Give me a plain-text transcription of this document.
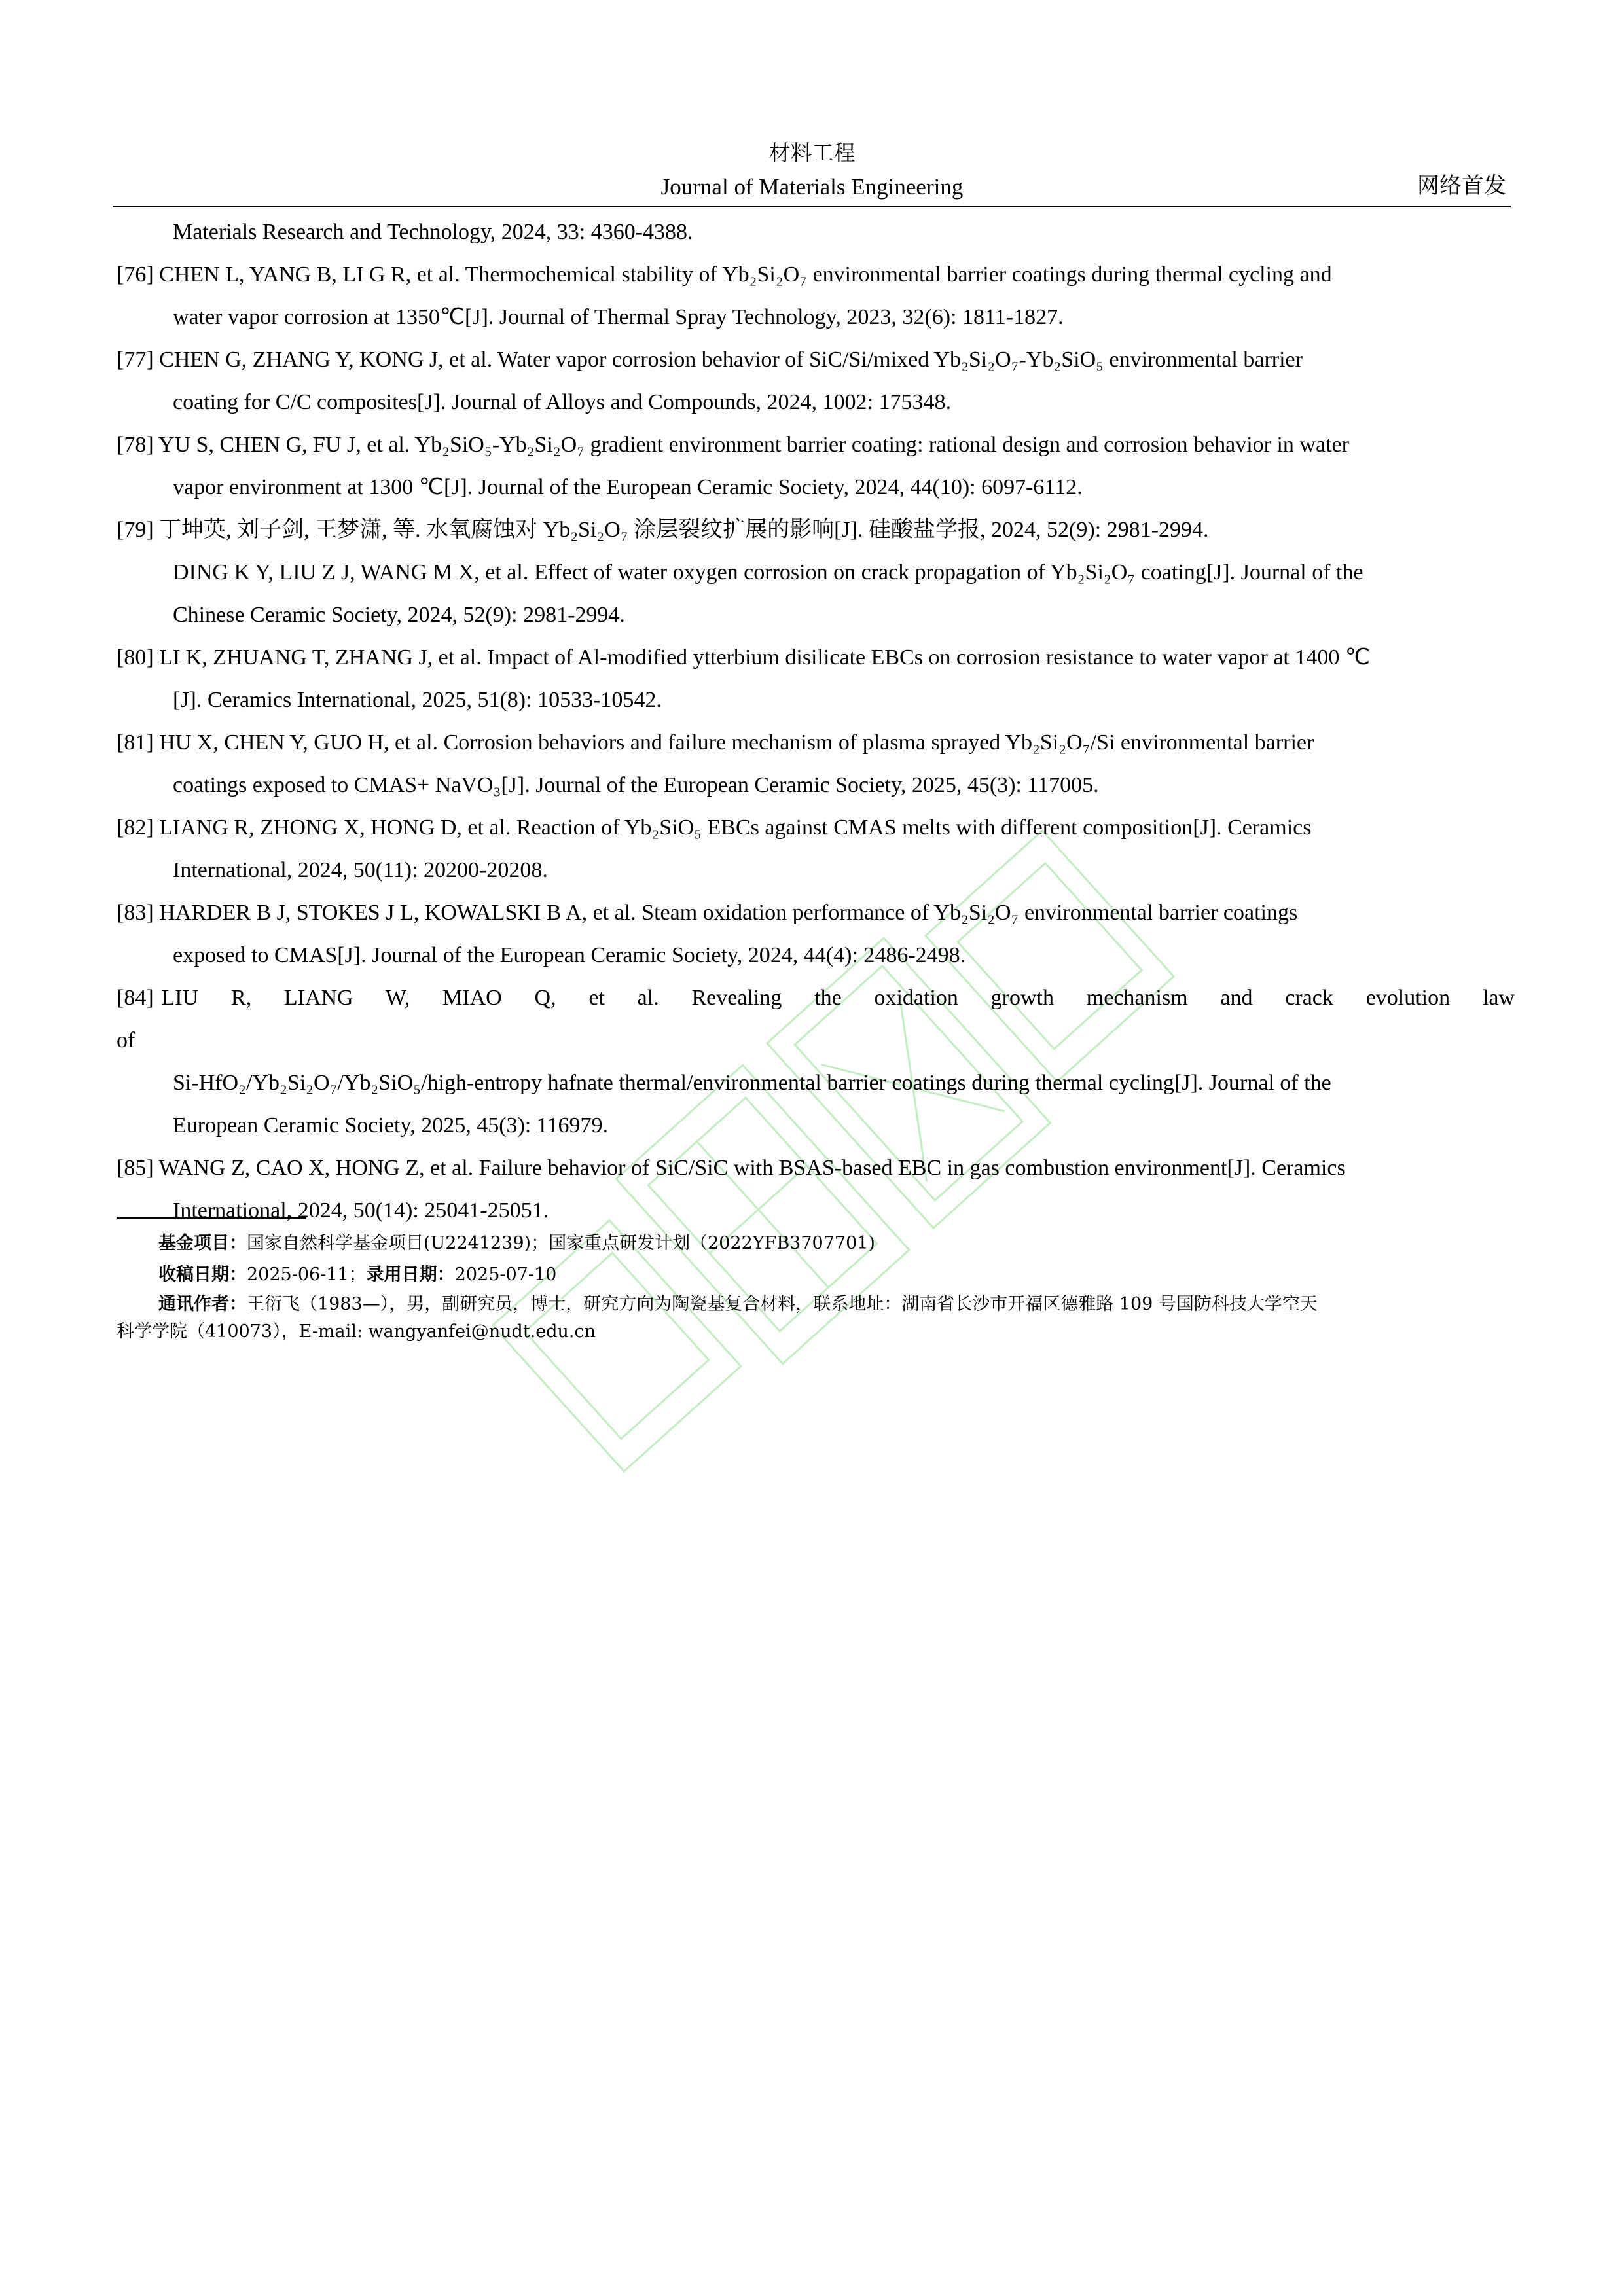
材料工程
Journal of Materials Engineering	网络首发
Materials Research and Technology, 2024, 33: 4360-4388.
[76] CHEN L, YANG B, LI G R, et al. Thermochemical stability of Yb₂Si₂O₇ environmental barrier coatings during thermal cycling and
water vapor corrosion at 1350℃[J]. Journal of Thermal Spray Technology, 2023, 32(6): 1811-1827.
[77] CHEN G, ZHANG Y, KONG J, et al. Water vapor corrosion behavior of SiC/Si/mixed Yb₂Si₂O₇-Yb₂SiO₅ environmental barrier
coating for C/C composites[J]. Journal of Alloys and Compounds, 2024, 1002: 175348.
[78] YU S, CHEN G, FU J, et al. Yb₂SiO₅-Yb₂Si₂O₇ gradient environment barrier coating: rational design and corrosion behavior in water
vapor environment at 1300 ℃[J]. Journal of the European Ceramic Society, 2024, 44(10): 6097-6112.
[79] 丁坤英, 刘子剑, 王梦潇, 等. 水氧腐蚀对 Yb₂Si₂O₇ 涂层裂纹扩展的影响[J]. 硅酸盐学报, 2024, 52(9): 2981-2994.
DING K Y, LIU Z J, WANG M X, et al. Effect of water oxygen corrosion on crack propagation of Yb₂Si₂O₇ coating[J]. Journal of the
Chinese Ceramic Society, 2024, 52(9): 2981-2994.
[80] LI K, ZHUANG T, ZHANG J, et al. Impact of Al-modified ytterbium disilicate EBCs on corrosion resistance to water vapor at 1400 ℃
[J]. Ceramics International, 2025, 51(8): 10533-10542.
[81] HU X, CHEN Y, GUO H, et al. Corrosion behaviors and failure mechanism of plasma sprayed Yb₂Si₂O₇/Si environmental barrier
coatings exposed to CMAS+ NaVO₃[J]. Journal of the European Ceramic Society, 2025, 45(3): 117005.
[82] LIANG R, ZHONG X, HONG D, et al. Reaction of Yb₂SiO₅ EBCs against CMAS melts with different composition[J]. Ceramics
International, 2024, 50(11): 20200-20208.
[83] HARDER B J, STOKES J L, KOWALSKI B A, et al. Steam oxidation performance of Yb₂Si₂O₇ environmental barrier coatings
exposed to CMAS[J]. Journal of the European Ceramic Society, 2024, 44(4): 2486-2498.
[84] LIU R, LIANG W, MIAO Q, et al. Revealing the oxidation growth mechanism and crack evolution law of
Si-HfO₂/Yb₂Si₂O₇/Yb₂SiO₅/high-entropy hafnate thermal/environmental barrier coatings during thermal cycling[J]. Journal of the
European Ceramic Society, 2025, 45(3): 116979.
[85] WANG Z, CAO X, HONG Z, et al. Failure behavior of SiC/SiC with BSAS-based EBC in gas combustion environment[J]. Ceramics
International, 2024, 50(14): 25041-25051.

基金项目：国家自然科学基金项目(U2241239)；国家重点研发计划（2022YFB3707701)

收稿日期：2025-06-11；录用日期：2025-07-10

通讯作者：王衍飞（1983—），男，副研究员，博士，研究方向为陶瓷基复合材料，联系地址：湖南省长沙市开福区德雅路 109 号国防科技大学空天

科学学院（410073），E-mail: wangyanfei@nudt.edu.cn
